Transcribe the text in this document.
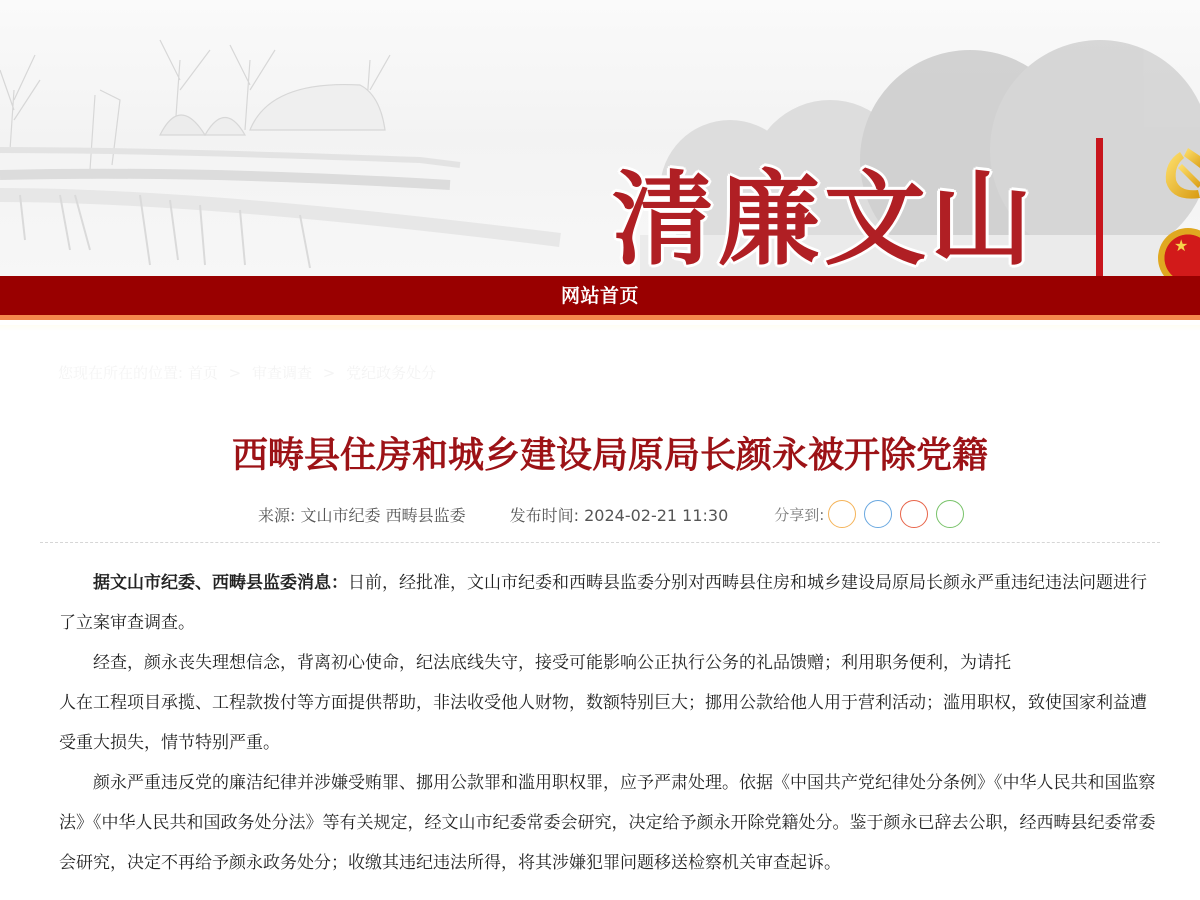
清廉文山	★
网站首页
您现在所在的位置: 首页 > 审查调查 > 党纪政务处分
西畴县住房和城乡建设局原局长颜永被开除党籍
来源: 文山市纪委 西畴县监委	发布时间: 2024-02-21 11:30	分享到:

据文山市纪委、西畴县监委消息：日前，经批准，文山市纪委和西畴县监委分别对西畴县住房和城乡建设局原局长颜永严重违纪违法问题进行了立案审查调查。

经查，颜永丧失理想信念，背离初心使命，纪法底线失守，接受可能影响公正执行公务的礼品馈赠；利用职务便利，为请托
人在工程项目承揽、工程款拨付等方面提供帮助，非法收受他人财物，数额特别巨大；挪用公款给他人用于营利活动；滥用职权，致使国家利益遭受重大损失，情节特别严重。

颜永严重违反党的廉洁纪律并涉嫌受贿罪、挪用公款罪和滥用职权罪，应予严肃处理。依据《中国共产党纪律处分条例》《中华人民共和国监察法》《中华人民共和国政务处分法》等有关规定，经文山市纪委常委会研究，决定给予颜永开除党籍处分。鉴于颜永已辞去公职，经西畴县纪委常委会研究，决定不再给予颜永政务处分；收缴其违纪违法所得，将其涉嫌犯罪问题移送检察机关审查起诉。
